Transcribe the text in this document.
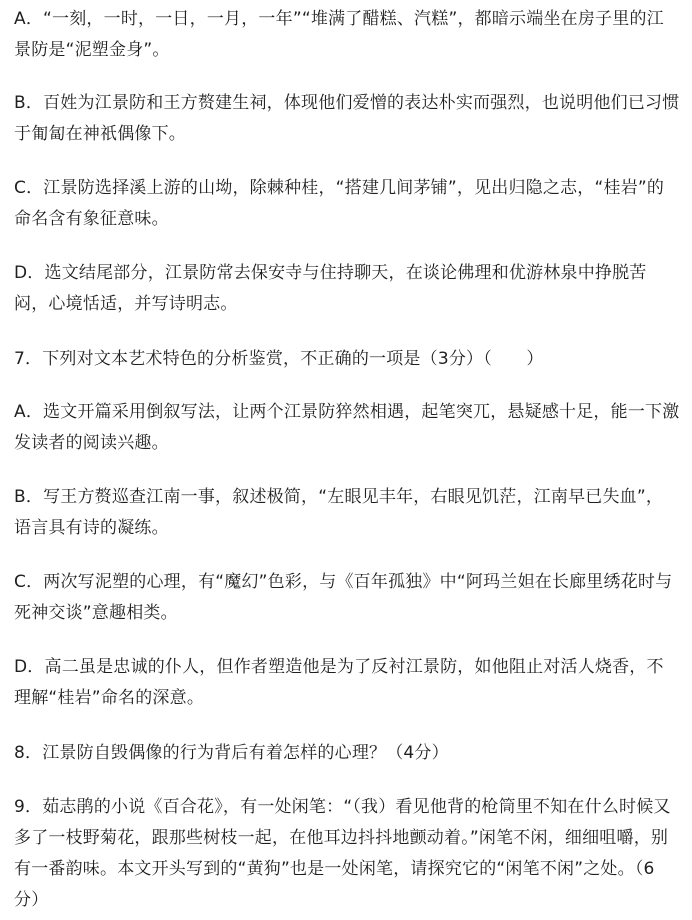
A．“一刻，一时，一日，一月，一年”“堆满了醋糕、汽糕”，都暗示端坐在房子里的江景防是“泥塑金身”。

B．百姓为江景防和王方赘建生祠，体现他们爱憎的表达朴实而强烈，也说明他们已习惯于匍匐在神祇偶像下。

C．江景防选择溪上游的山坳，除棘种桂，“搭建几间茅铺”，见出归隐之志，“桂岩”的命名含有象征意味。

D．选文结尾部分，江景防常去保安寺与住持聊天，在谈论佛理和优游林泉中挣脱苦闷，心境恬适，并写诗明志。

7．下列对文本艺术特色的分析鉴赏，不正确的一项是（3分）（　　）

A．选文开篇采用倒叙写法，让两个江景防猝然相遇，起笔突兀，悬疑感十足，能一下激发读者的阅读兴趣。

B．写王方赘巡查江南一事，叙述极简，“左眼见丰年，右眼见饥茫，江南早已失血”，语言具有诗的凝练。

C．两次写泥塑的心理，有“魔幻”色彩，与《百年孤独》中“阿玛兰妲在长廊里绣花时与死神交谈”意趣相类。

D．高二虽是忠诚的仆人，但作者塑造他是为了反衬江景防，如他阻止对活人烧香，不理解“桂岩”命名的深意。

8．江景防自毁偶像的行为背后有着怎样的心理？（4分）

9．茹志鹃的小说《百合花》，有一处闲笔：“（我）看见他背的枪筒里不知在什么时候又多了一枝野菊花，跟那些树枝一起，在他耳边抖抖地颤动着。”闲笔不闲，细细咀嚼，别有一番韵味。本文开头写到的“黄狗”也是一处闲笔，请探究它的“闲笔不闲”之处。（6分）
